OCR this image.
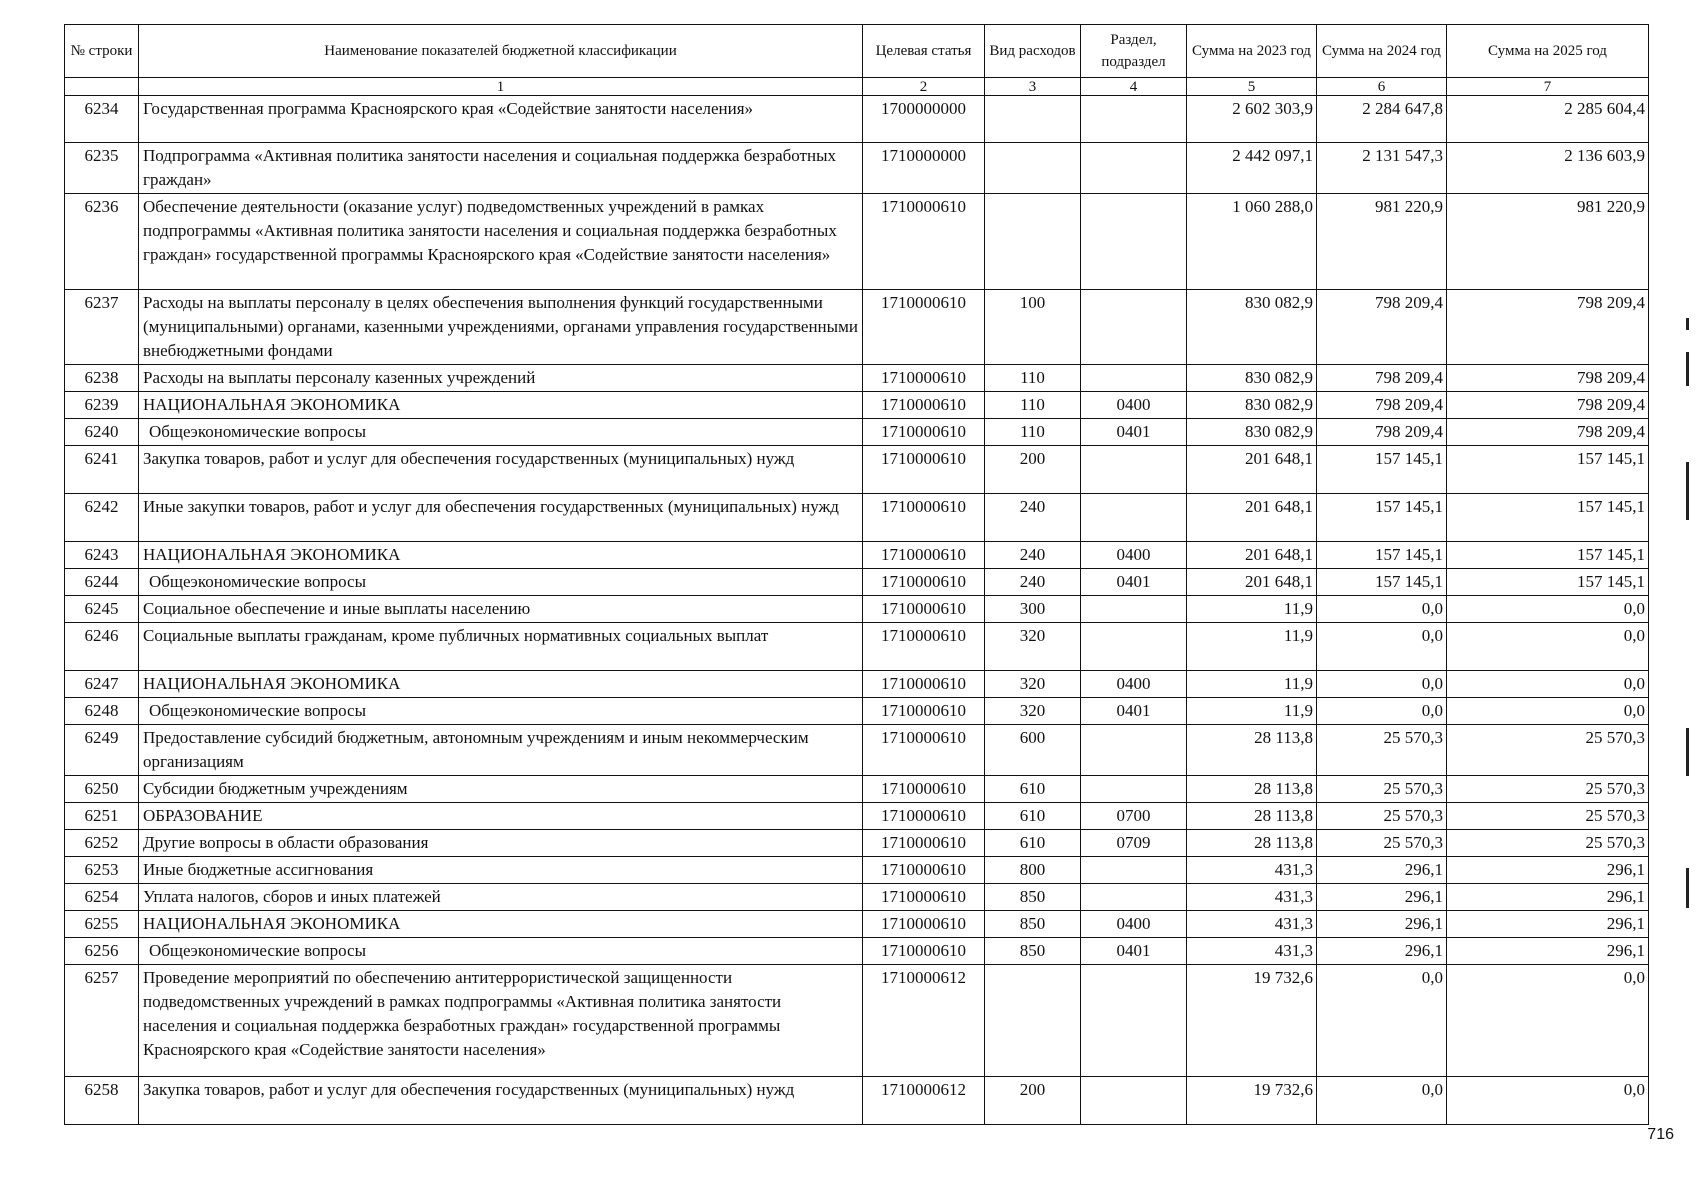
№ строки	Наименование показателей бюджетной классификации	Целевая статья	Вид расходов	Раздел, подраздел	Сумма на 2023 год	Сумма на 2024 год	Сумма на 2025 год
	1	2	3	4	5	6	7
6234	Государственная программа Красноярского края «Содействие занятости населения»	1700000000			2 602 303,9	2 284 647,8	2 285 604,4
6235	Подпрограмма «Активная политика занятости населения и социальная поддержка безработных граждан»	1710000000			2 442 097,1	2 131 547,3	2 136 603,9
6236	Обеспечение деятельности (оказание услуг) подведомственных учреждений в рамках подпрограммы «Активная политика занятости населения и социальная поддержка безработных граждан» государственной программы Красноярского края «Содействие занятости населения»	1710000610			1 060 288,0	981 220,9	981 220,9
6237	Расходы на выплаты персоналу в целях обеспечения выполнения функций государственными (муниципальными) органами, казенными учреждениями, органами управления государственными внебюджетными фондами	1710000610	100		830 082,9	798 209,4	798 209,4
6238	Расходы на выплаты персоналу казенных учреждений	1710000610	110		830 082,9	798 209,4	798 209,4
6239	НАЦИОНАЛЬНАЯ ЭКОНОМИКА	1710000610	110	0400	830 082,9	798 209,4	798 209,4
6240	Общеэкономические вопросы	1710000610	110	0401	830 082,9	798 209,4	798 209,4
6241	Закупка товаров, работ и услуг для обеспечения государственных (муниципальных) нужд	1710000610	200		201 648,1	157 145,1	157 145,1
6242	Иные закупки товаров, работ и услуг для обеспечения государственных (муниципальных) нужд	1710000610	240		201 648,1	157 145,1	157 145,1
6243	НАЦИОНАЛЬНАЯ ЭКОНОМИКА	1710000610	240	0400	201 648,1	157 145,1	157 145,1
6244	Общеэкономические вопросы	1710000610	240	0401	201 648,1	157 145,1	157 145,1
6245	Социальное обеспечение и иные выплаты населению	1710000610	300		11,9	0,0	0,0
6246	Социальные выплаты гражданам, кроме публичных нормативных социальных выплат	1710000610	320		11,9	0,0	0,0
6247	НАЦИОНАЛЬНАЯ ЭКОНОМИКА	1710000610	320	0400	11,9	0,0	0,0
6248	Общеэкономические вопросы	1710000610	320	0401	11,9	0,0	0,0
6249	Предоставление субсидий бюджетным, автономным учреждениям и иным некоммерческим организациям	1710000610	600		28 113,8	25 570,3	25 570,3
6250	Субсидии бюджетным учреждениям	1710000610	610		28 113,8	25 570,3	25 570,3
6251	ОБРАЗОВАНИЕ	1710000610	610	0700	28 113,8	25 570,3	25 570,3
6252	Другие вопросы в области образования	1710000610	610	0709	28 113,8	25 570,3	25 570,3
6253	Иные бюджетные ассигнования	1710000610	800		431,3	296,1	296,1
6254	Уплата налогов, сборов и иных платежей	1710000610	850		431,3	296,1	296,1
6255	НАЦИОНАЛЬНАЯ ЭКОНОМИКА	1710000610	850	0400	431,3	296,1	296,1
6256	Общеэкономические вопросы	1710000610	850	0401	431,3	296,1	296,1
6257	Проведение мероприятий по обеспечению антитеррористической защищенности подведомственных учреждений в рамках подпрограммы «Активная политика занятости населения и социальная поддержка безработных граждан» государственной программы Красноярского края «Содействие занятости населения»	1710000612			19 732,6	0,0	0,0
6258	Закупка товаров, работ и услуг для обеспечения государственных (муниципальных) нужд	1710000612	200		19 732,6	0,0	0,0
716
